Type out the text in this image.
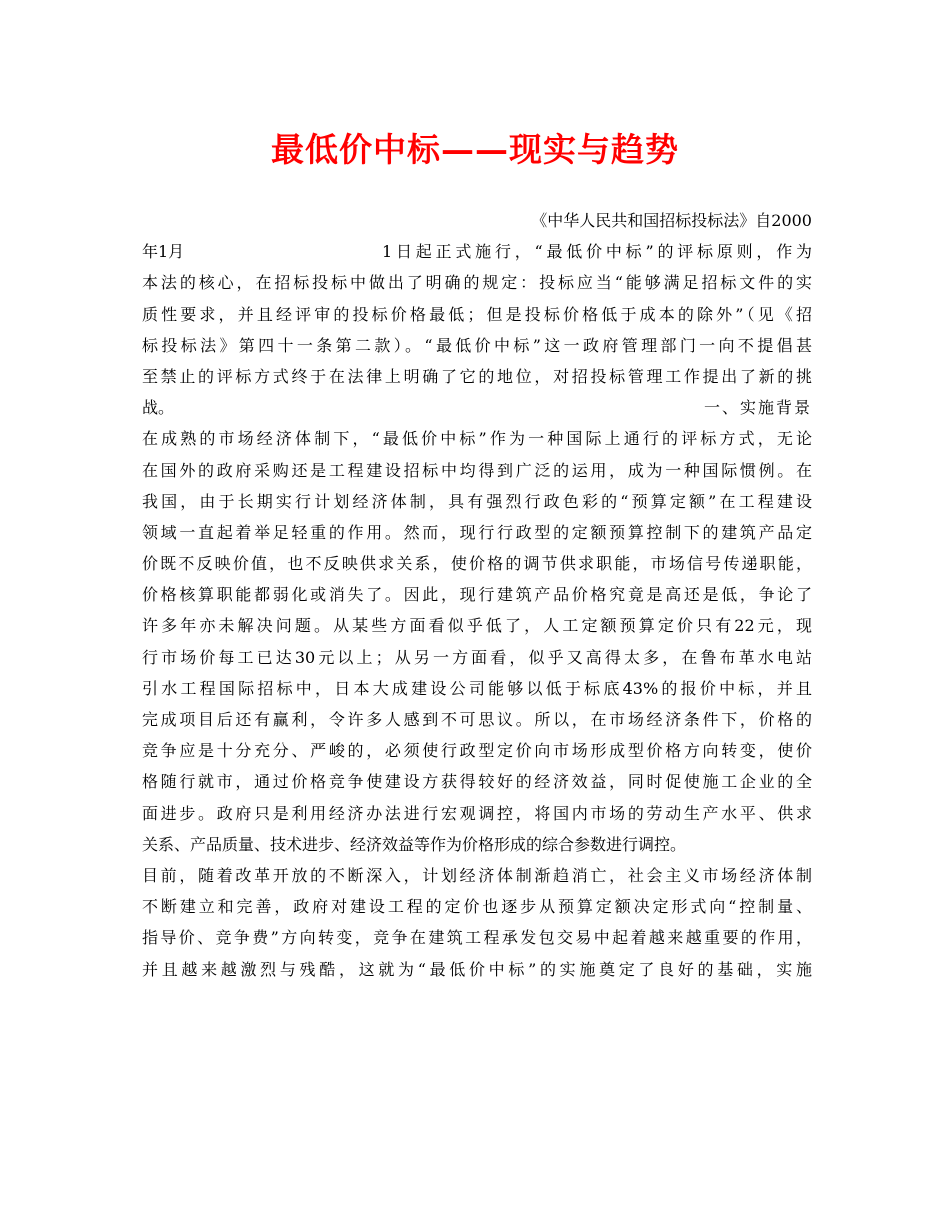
最低价中标——现实与趋势
《中华人民共和国招标投标法》自2000
年1月	1日起正式施行，“最低价中标”的评标原则，作为
本法的核心，在招标投标中做出了明确的规定：投标应当“能够满足招标文件的实
质性要求，并且经评审的投标价格最低；但是投标价格低于成本的除外”（见《招
标投标法》第四十一条第二款）。“最低价中标”这一政府管理部门一向不提倡甚
至禁止的评标方式终于在法律上明确了它的地位，对招投标管理工作提出了新的挑
战。	一、实施背景
在成熟的市场经济体制下，“最低价中标”作为一种国际上通行的评标方式，无论
在国外的政府采购还是工程建设招标中均得到广泛的运用，成为一种国际惯例。在
我国，由于长期实行计划经济体制，具有强烈行政色彩的“预算定额”在工程建设
领域一直起着举足轻重的作用。然而，现行行政型的定额预算控制下的建筑产品定
价既不反映价值，也不反映供求关系，使价格的调节供求职能，市场信号传递职能，
价格核算职能都弱化或消失了。因此，现行建筑产品价格究竟是高还是低，争论了
许多年亦未解决问题。从某些方面看似乎低了，人工定额预算定价只有22元，现
行市场价每工已达30元以上；从另一方面看，似乎又高得太多，在鲁布革水电站
引水工程国际招标中，日本大成建设公司能够以低于标底43%的报价中标，并且
完成项目后还有赢利，令许多人感到不可思议。所以，在市场经济条件下，价格的
竞争应是十分充分、严峻的，必须使行政型定价向市场形成型价格方向转变，使价
格随行就市，通过价格竞争使建设方获得较好的经济效益，同时促使施工企业的全
面进步。政府只是利用经济办法进行宏观调控，将国内市场的劳动生产水平、供求
关系、产品质量、技术进步、经济效益等作为价格形成的综合参数进行调控。
目前，随着改革开放的不断深入，计划经济体制渐趋消亡，社会主义市场经济体制
不断建立和完善，政府对建设工程的定价也逐步从预算定额决定形式向“控制量、
指导价、竞争费”方向转变，竞争在建筑工程承发包交易中起着越来越重要的作用，
并且越来越激烈与残酷，这就为“最低价中标”的实施奠定了良好的基础，实施
